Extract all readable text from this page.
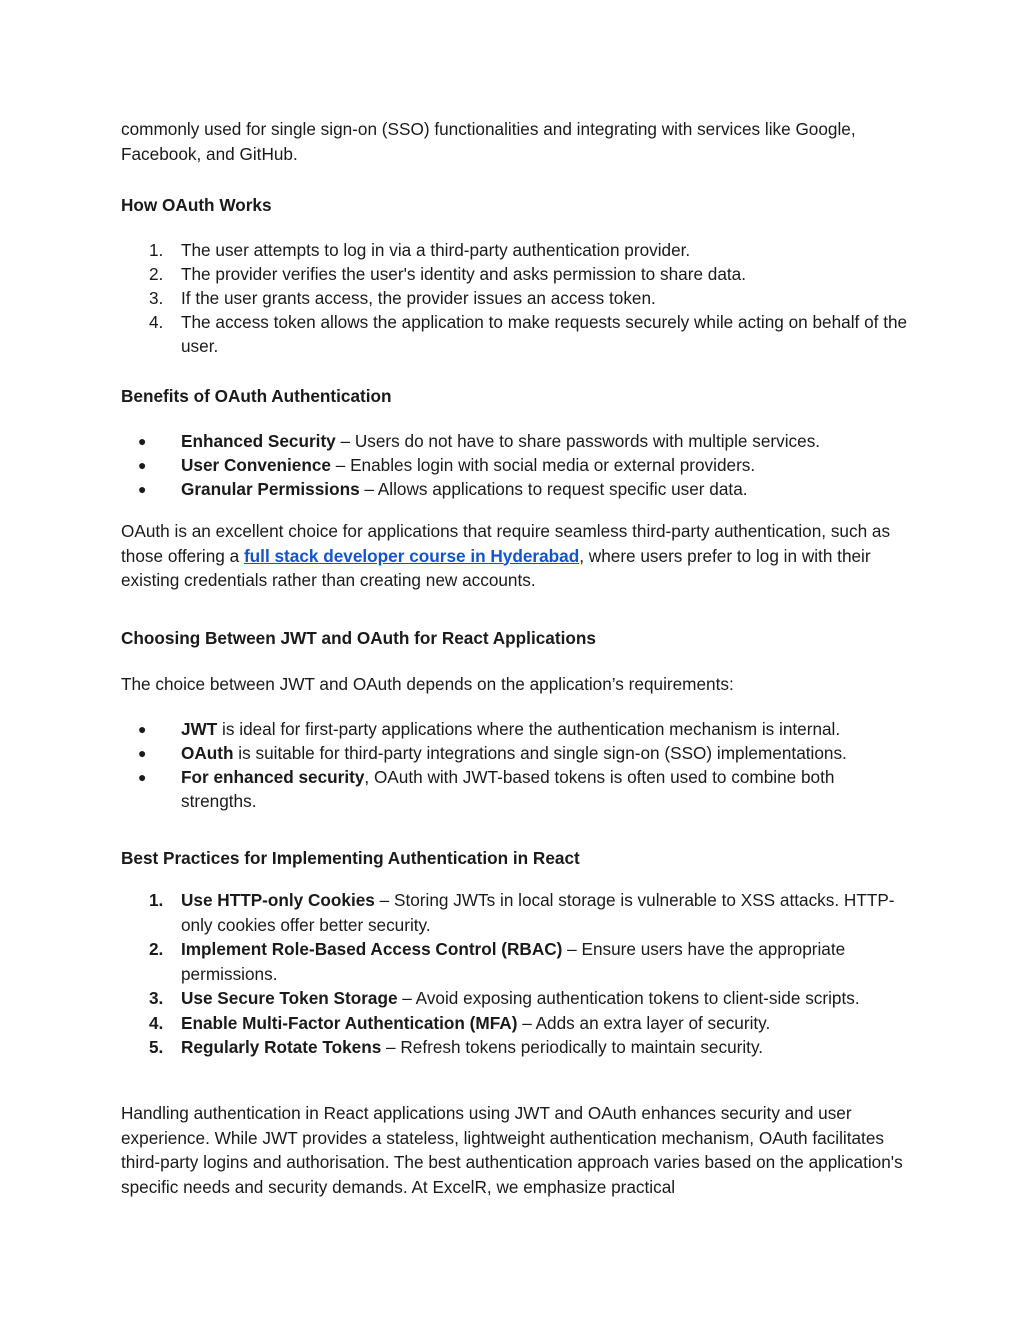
commonly used for single sign-on (SSO) functionalities and integrating with services like Google, Facebook, and GitHub.

How OAuth Works
1.	The user attempts to log in via a third-party authentication provider.
2.	The provider verifies the user's identity and asks permission to share data.
3.	If the user grants access, the provider issues an access token.
4.	The access token allows the application to make requests securely while acting on behalf of the user.
Benefits of OAuth Authentication
●	Enhanced Security – Users do not have to share passwords with multiple services.
●	User Convenience – Enables login with social media or external providers.
●	Granular Permissions – Allows applications to request specific user data.

OAuth is an excellent choice for applications that require seamless third-party authentication, such as those offering a full stack developer course in Hyderabad, where users prefer to log in with their existing credentials rather than creating new accounts.

Choosing Between JWT and OAuth for React Applications

The choice between JWT and OAuth depends on the application’s requirements:

●	JWT is ideal for first-party applications where the authentication mechanism is internal.
●	OAuth is suitable for third-party integrations and single sign-on (SSO) implementations.
●	For enhanced security, OAuth with JWT-based tokens is often used to combine both strengths.
Best Practices for Implementing Authentication in React
1.	Use HTTP-only Cookies – Storing JWTs in local storage is vulnerable to XSS attacks. HTTP-only cookies offer better security.
2.	Implement Role-Based Access Control (RBAC) – Ensure users have the appropriate permissions.
3.	Use Secure Token Storage – Avoid exposing authentication tokens to client-side scripts.
4.	Enable Multi-Factor Authentication (MFA) – Adds an extra layer of security.
5.	Regularly Rotate Tokens – Refresh tokens periodically to maintain security.

Handling authentication in React applications using JWT and OAuth enhances security and user experience. While JWT provides a stateless, lightweight authentication mechanism, OAuth facilitates third-party logins and authorisation. The best authentication approach varies based on the application's specific needs and security demands. At ExcelR, we emphasize practical
